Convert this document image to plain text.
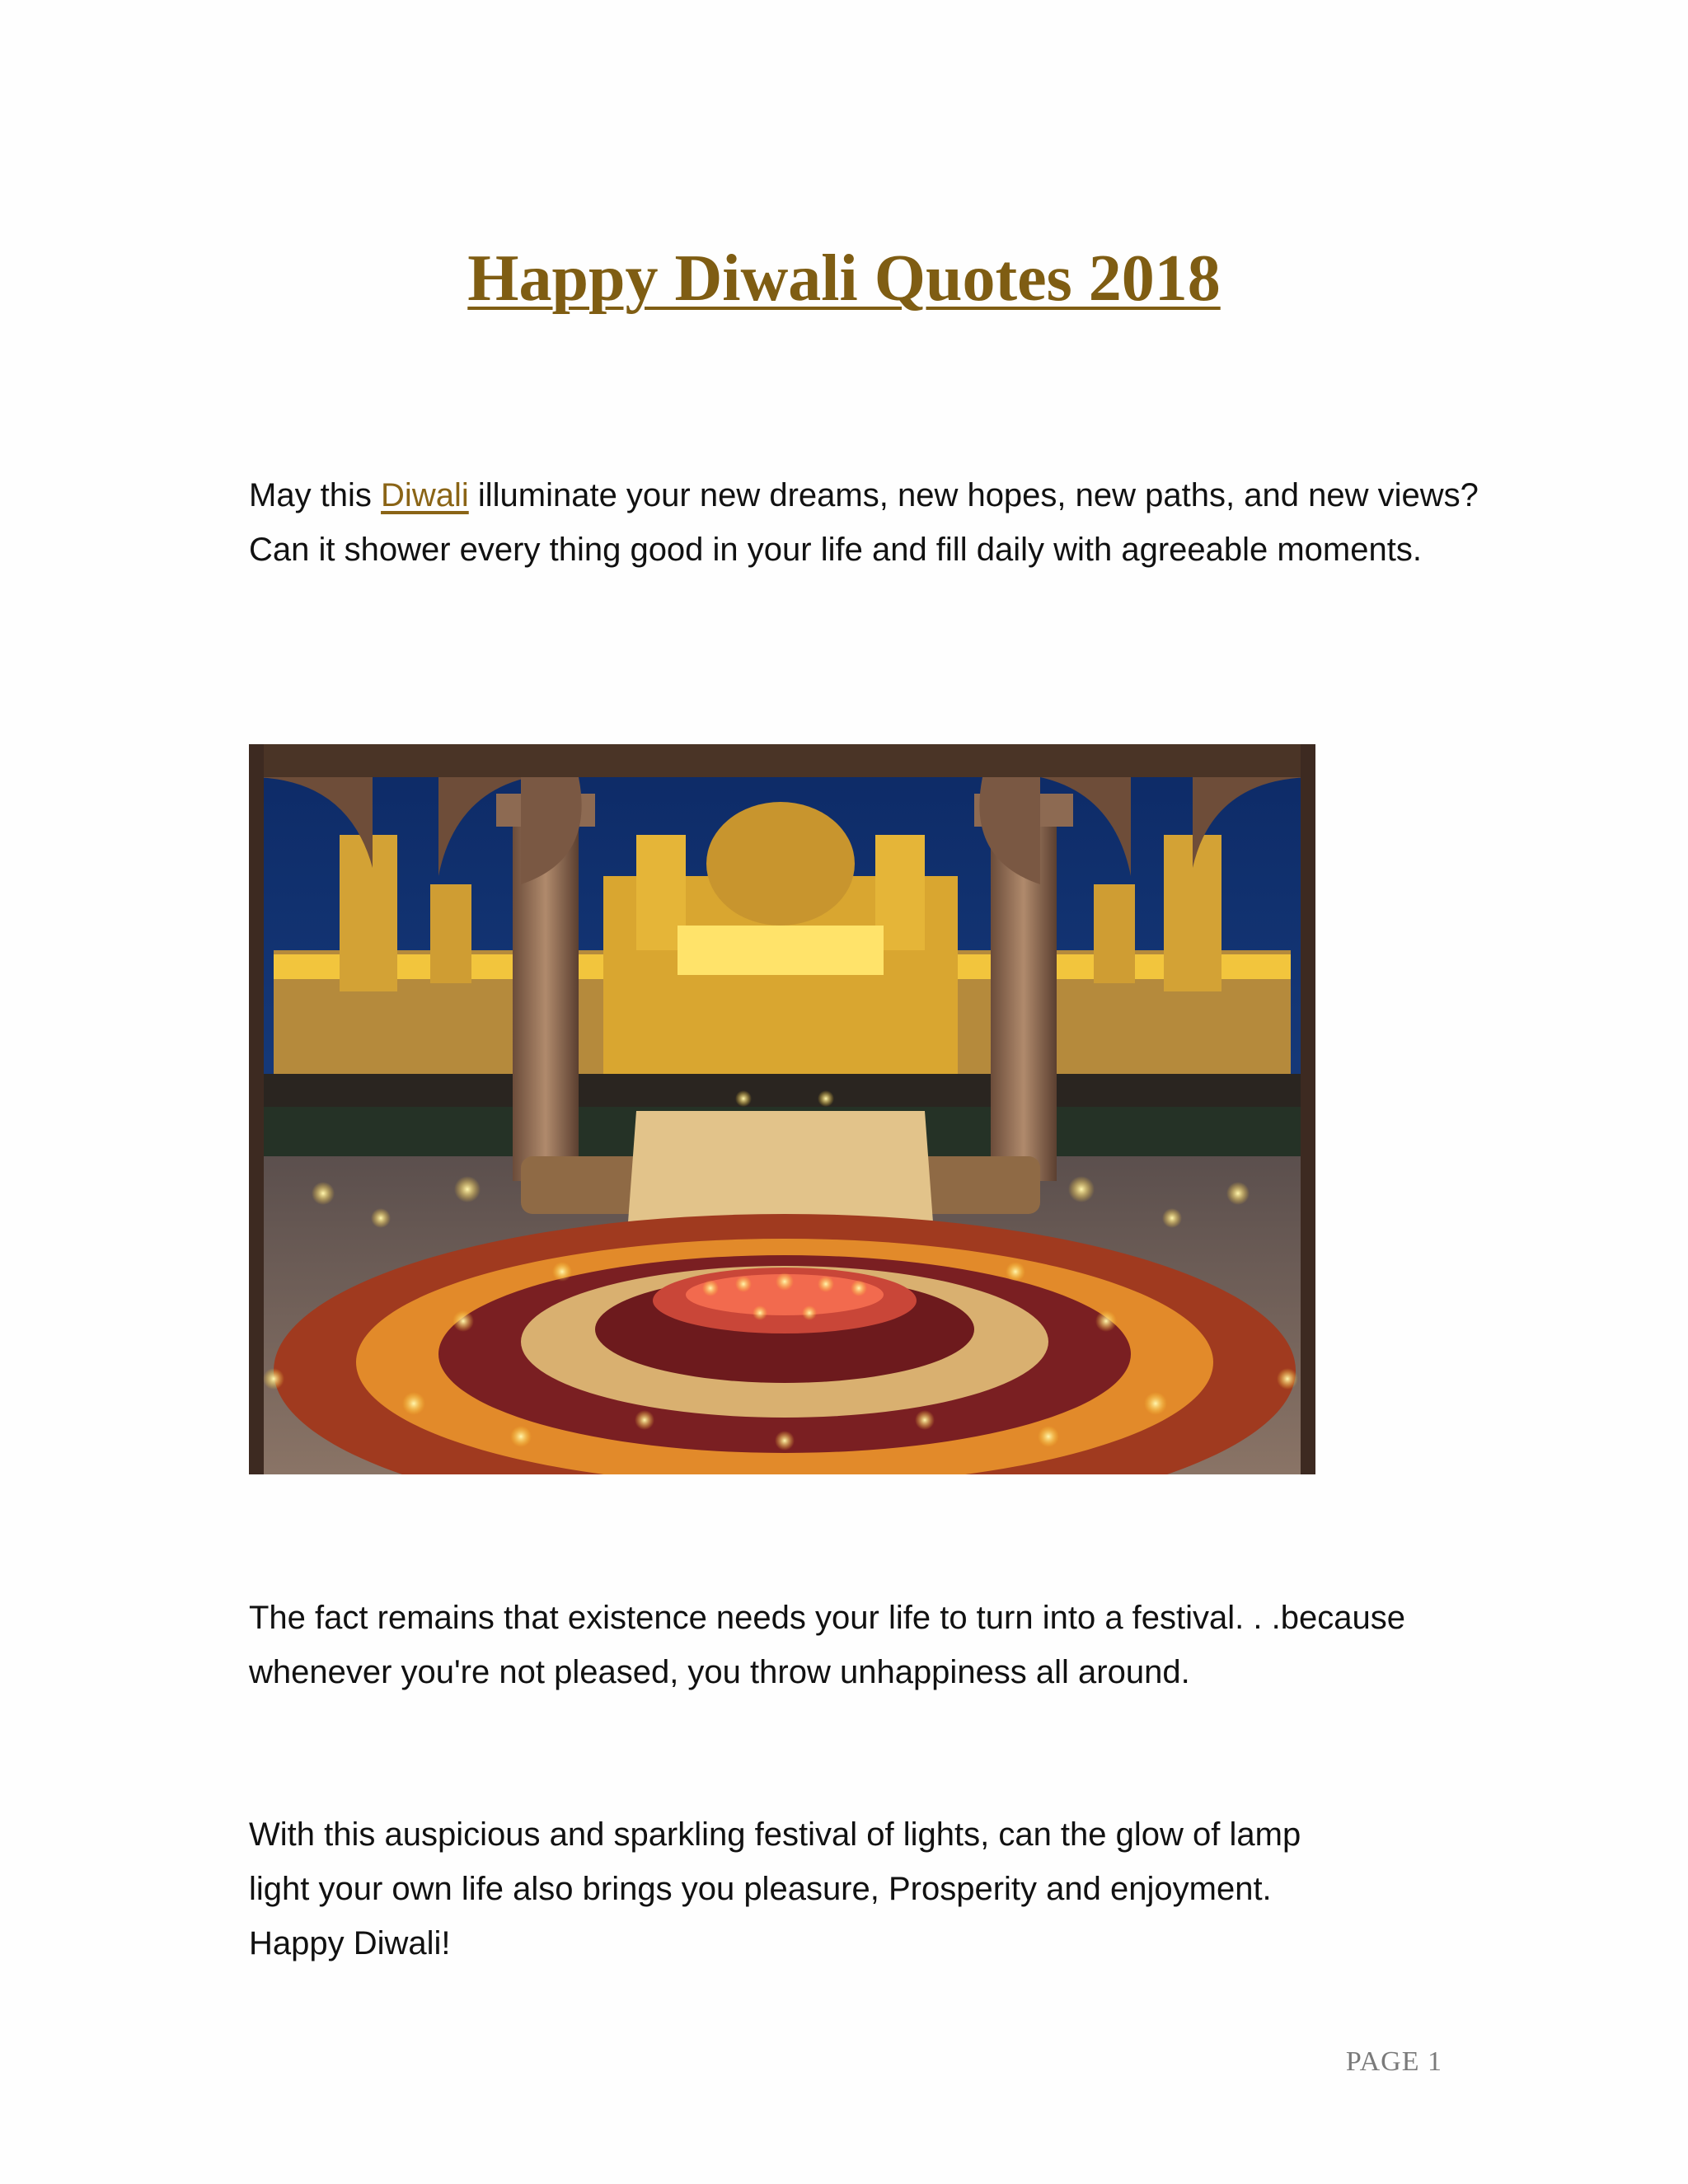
Happy Diwali Quotes 2018

May this Diwali illuminate your new dreams, new hopes, new paths, and new views? Can it shower every thing good in your life and fill daily with agreeable moments.

The fact remains that existence needs your life to turn into a festival. . .because whenever you're not pleased, you throw unhappiness all around.

With this auspicious and sparkling festival of lights, can the glow of lamp
light your own life also brings you pleasure, Prosperity and enjoyment.
Happy Diwali!

PAGE 1
